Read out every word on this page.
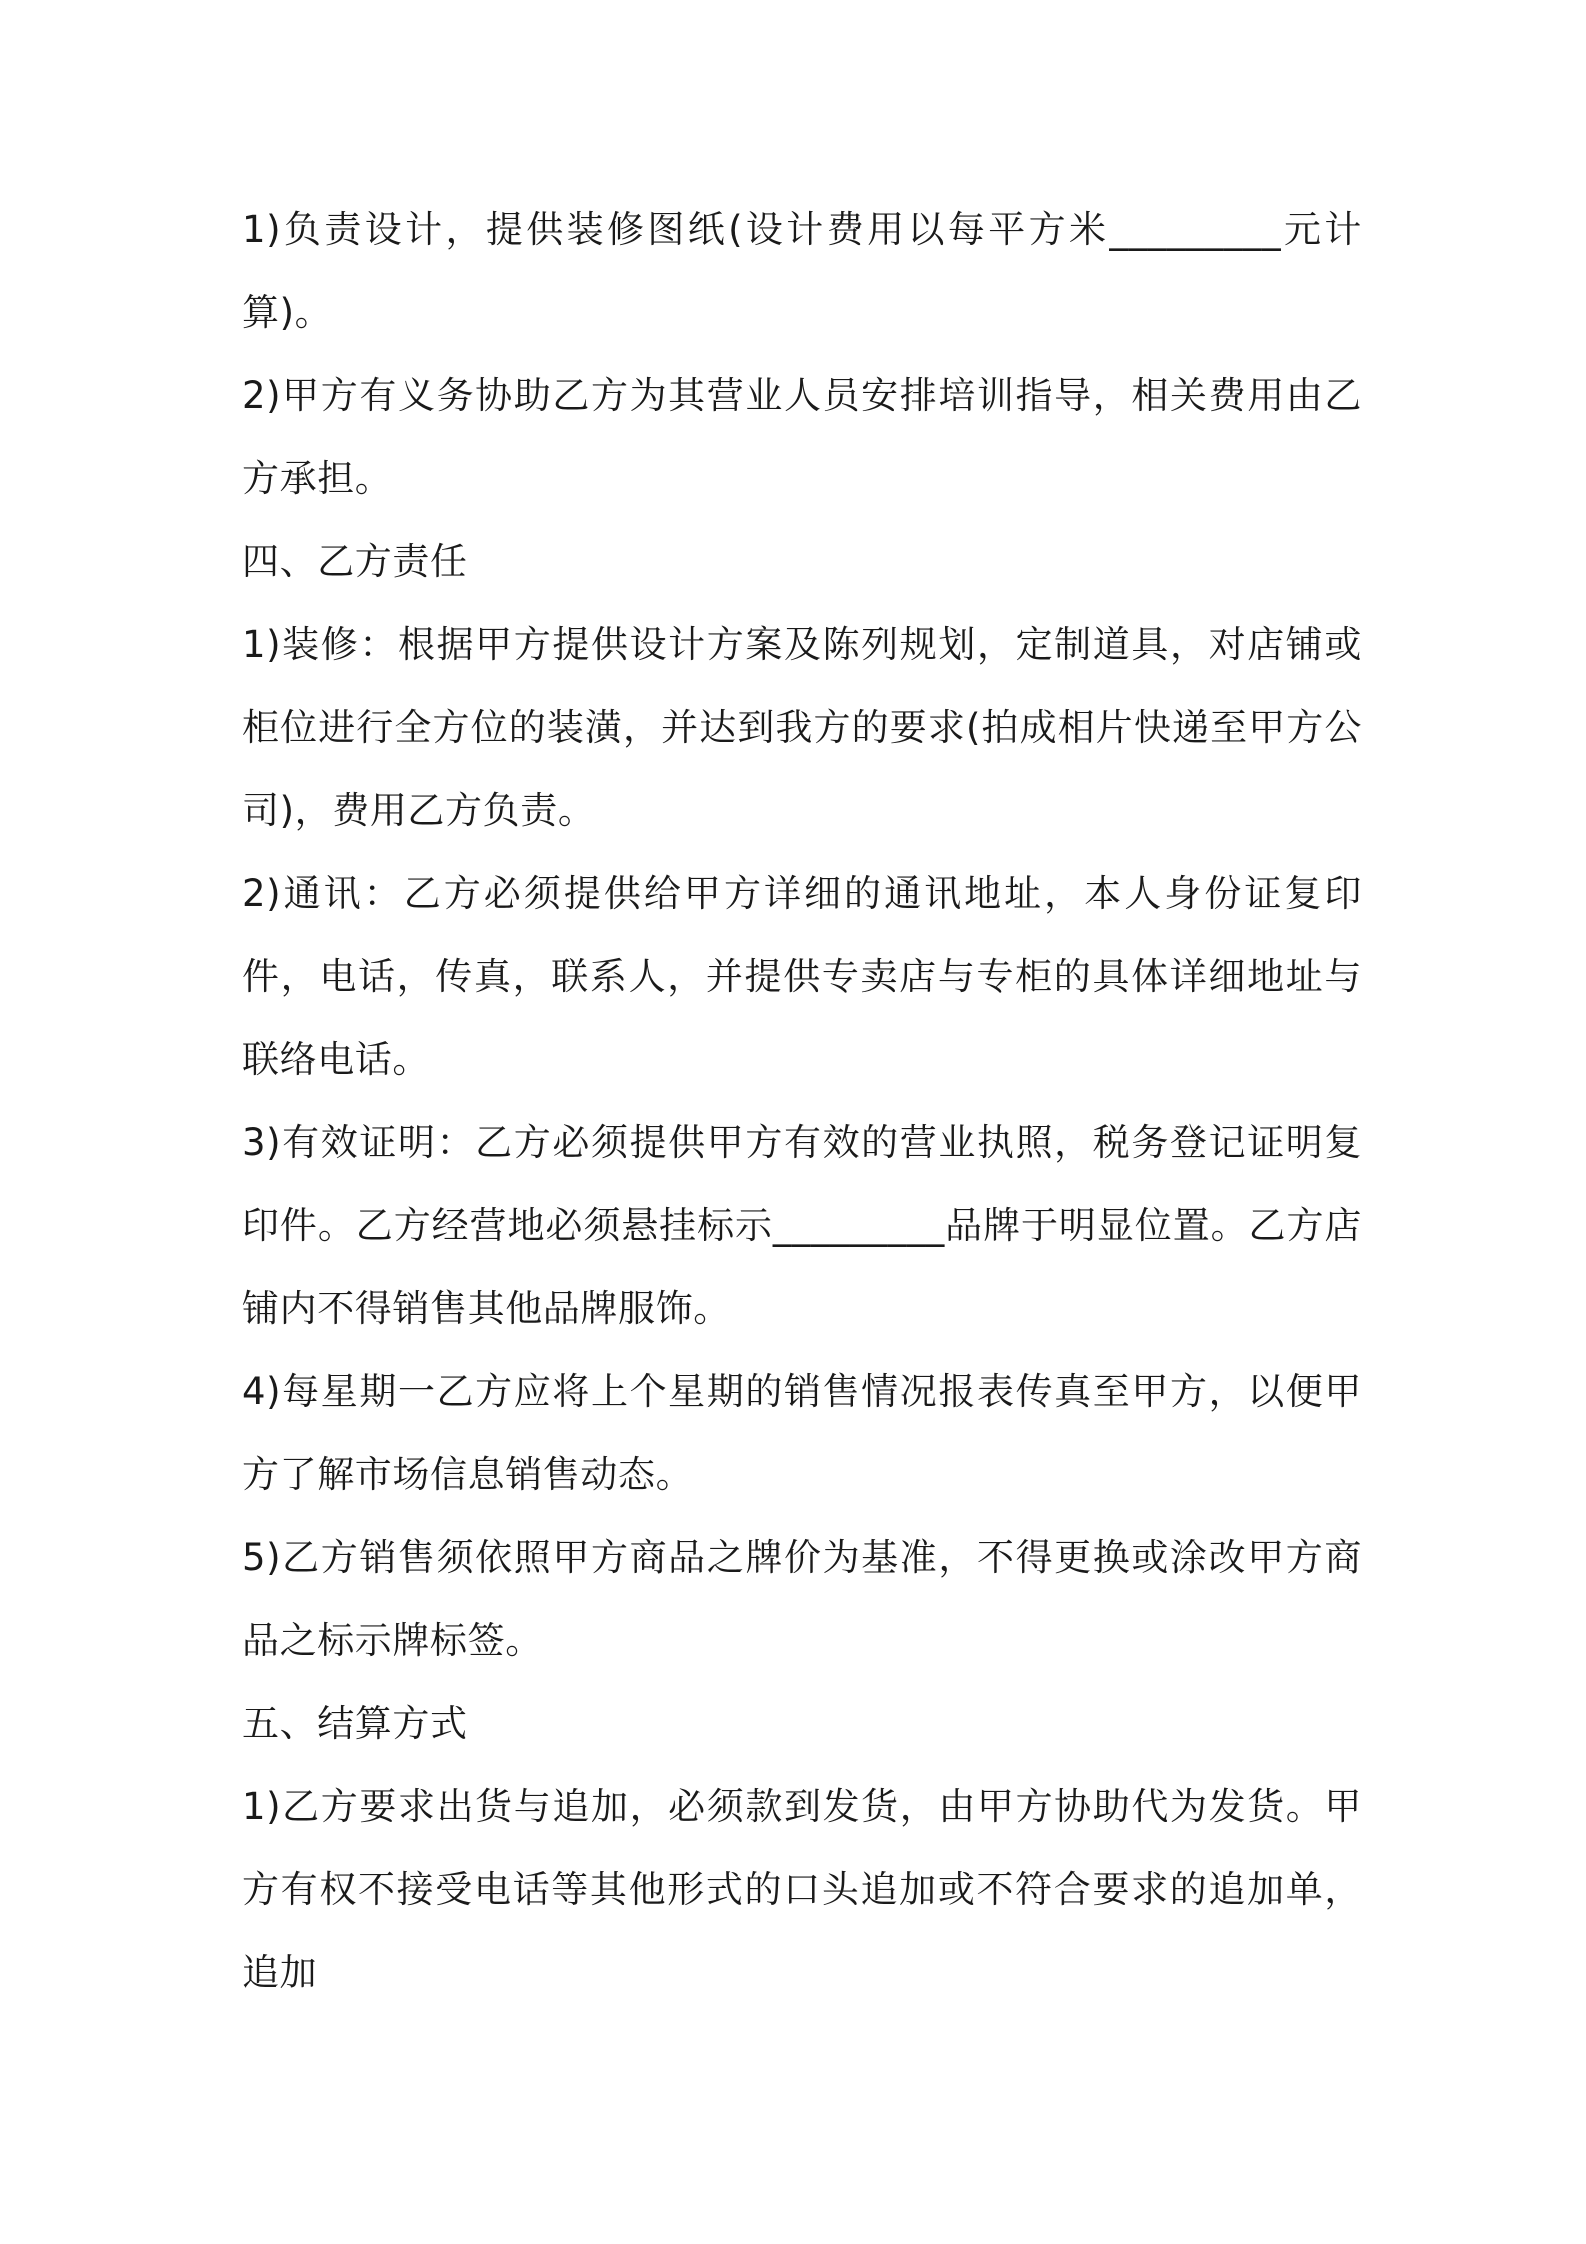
1)负责设计，提供装修图纸(设计费用以每平方米_________元计算)。

2)甲方有义务协助乙方为其营业人员安排培训指导，相关费用由乙方承担。

四、乙方责任

1)装修：根据甲方提供设计方案及陈列规划，定制道具，对店铺或柜位进行全方位的装潢，并达到我方的要求(拍成相片快递至甲方公司)，费用乙方负责。

2)通讯：乙方必须提供给甲方详细的通讯地址，本人身份证复印件，电话，传真，联系人，并提供专卖店与专柜的具体详细地址与联络电话。

3)有效证明：乙方必须提供甲方有效的营业执照，税务登记证明复印件。乙方经营地必须悬挂标示_________品牌于明显位置。乙方店铺内不得销售其他品牌服饰。

4)每星期一乙方应将上个星期的销售情况报表传真至甲方，以便甲方了解市场信息销售动态。

5)乙方销售须依照甲方商品之牌价为基准，不得更换或涂改甲方商品之标示牌标签。

五、结算方式

1)乙方要求出货与追加，必须款到发货，由甲方协助代为发货。甲方有权不接受电话等其他形式的口头追加或不符合要求的追加单，追加
